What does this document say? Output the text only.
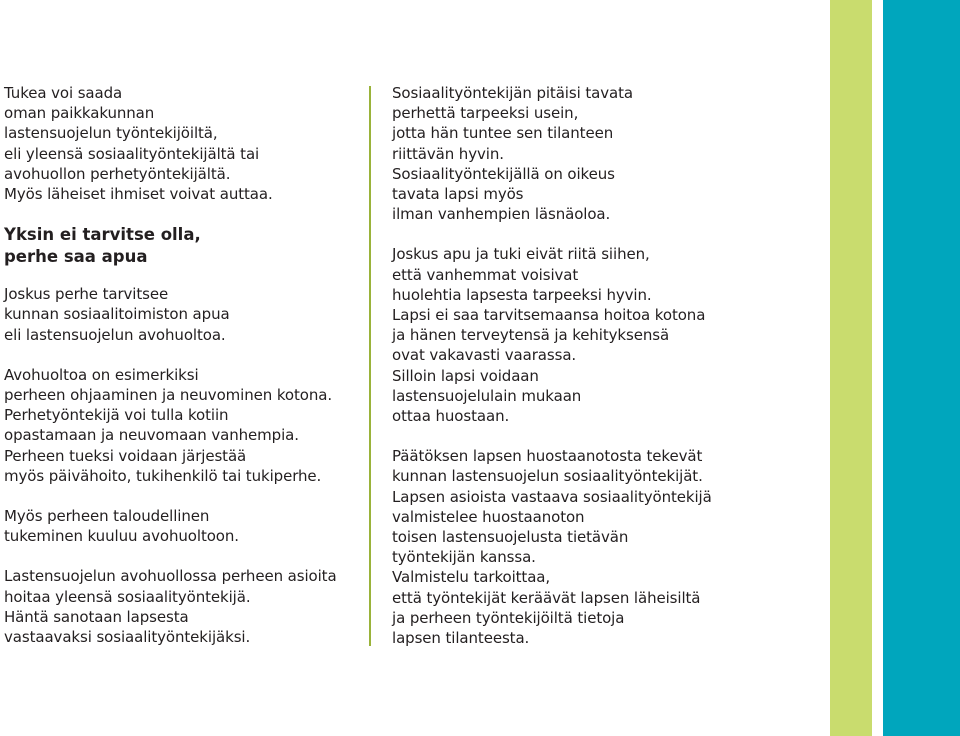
Tukea voi saada
oman paikkakunnan
lastensuojelun työntekijöiltä,
eli yleensä sosiaalityöntekijältä tai
avohuollon perhetyöntekijältä.
Myös läheiset ihmiset voivat auttaa.

Yksin ei tarvitse olla,
perhe saa apua

Joskus perhe tarvitsee
kunnan sosiaalitoimiston apua
eli lastensuojelun avohuoltoa.

Avohuoltoa on esimerkiksi
perheen ohjaaminen ja neuvominen kotona.
Perhetyöntekijä voi tulla kotiin
opastamaan ja neuvomaan vanhempia.
Perheen tueksi voidaan järjestää
myös päivähoito, tukihenkilö tai tukiperhe.

Myös perheen taloudellinen
tukeminen kuuluu avohuoltoon.

Lastensuojelun avohuollossa perheen asioita
hoitaa yleensä sosiaalityöntekijä.
Häntä sanotaan lapsesta
vastaavaksi sosiaalityöntekijäksi.

Sosiaalityöntekijän pitäisi tavata
perhettä tarpeeksi usein,
jotta hän tuntee sen tilanteen
riittävän hyvin.
Sosiaalityöntekijällä on oikeus
tavata lapsi myös
ilman vanhempien läsnäoloa.

Joskus apu ja tuki eivät riitä siihen,
että vanhemmat voisivat
huolehtia lapsesta tarpeeksi hyvin.
Lapsi ei saa tarvitsemaansa hoitoa kotona
ja hänen terveytensä ja kehityksensä
ovat vakavasti vaarassa.
Silloin lapsi voidaan
lastensuojelulain mukaan
ottaa huostaan.

Päätöksen lapsen huostaanotosta tekevät
kunnan lastensuojelun sosiaalityöntekijät.
Lapsen asioista vastaava sosiaalityöntekijä
valmistelee huostaanoton
toisen lastensuojelusta tietävän
työntekijän kanssa.
Valmistelu tarkoittaa,
että työntekijät keräävät lapsen läheisiltä
ja perheen työntekijöiltä tietoja
lapsen tilanteesta.
